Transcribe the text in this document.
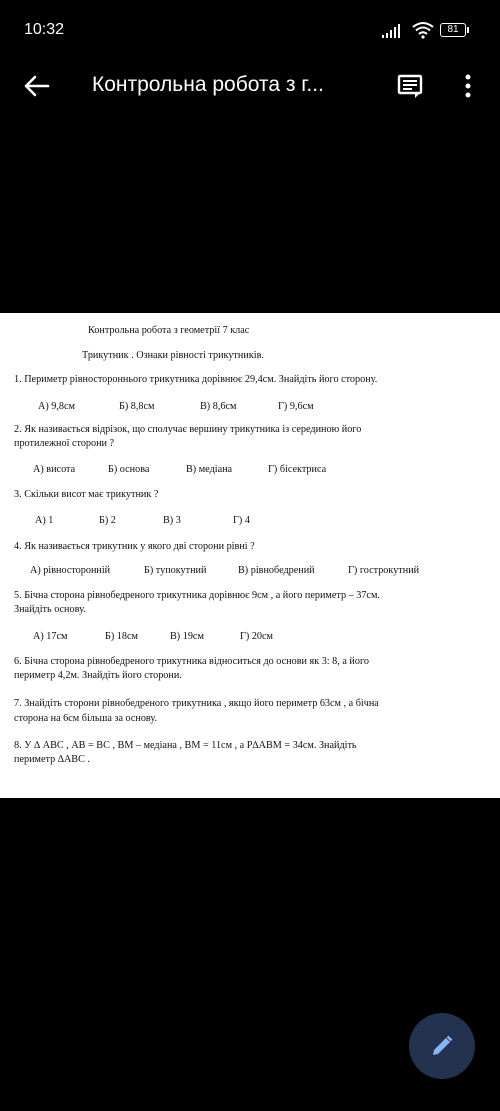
10:32	81
Контрольна робота з г...
Контрольна робота з геометрії 7 клас
Трикутник . Ознаки рівності трикутників.
1. Периметр рівностороннього трикутника дорівнює 29,4см. Знайдіть його сторону.
А) 9,8см	Б) 8,8см	В) 8,6см	Г) 9,6см
2. Як називається відрізок, що сполучає вершину трикутника із серединою його
протилежної сторони ?
А) висота	Б) основа	В) медіана	Г) бісектриса
3. Скільки висот має трикутник ?
А) 1	Б) 2	В) 3	Г) 4
4. Як називається трикутник у якого дві сторони рівні ?
А) рівносторонній	Б) тупокутний	В) рівнобедрений	Г) гострокутний
5. Бічна сторона рівнобедреного трикутника дорівнює 9см , а його периметр – 37см.
Знайдіть основу.
А) 17см	Б) 18см	В) 19см	Г) 20см
6. Бічна сторона рівнобедреного трикутника відноситься до основи як 3: 8, а його
периметр 4,2м. Знайдіть його сторони.
7. Знайдіть сторони рівнобедреного трикутника , якщо його периметр 63см , а бічна
сторона на 6см більша за основу.
8. У ∆ АВС , АВ = ВС , ВМ – медіана , ВМ = 11см , а Р∆АВМ = 34см. Знайдіть
периметр ∆АВС .
